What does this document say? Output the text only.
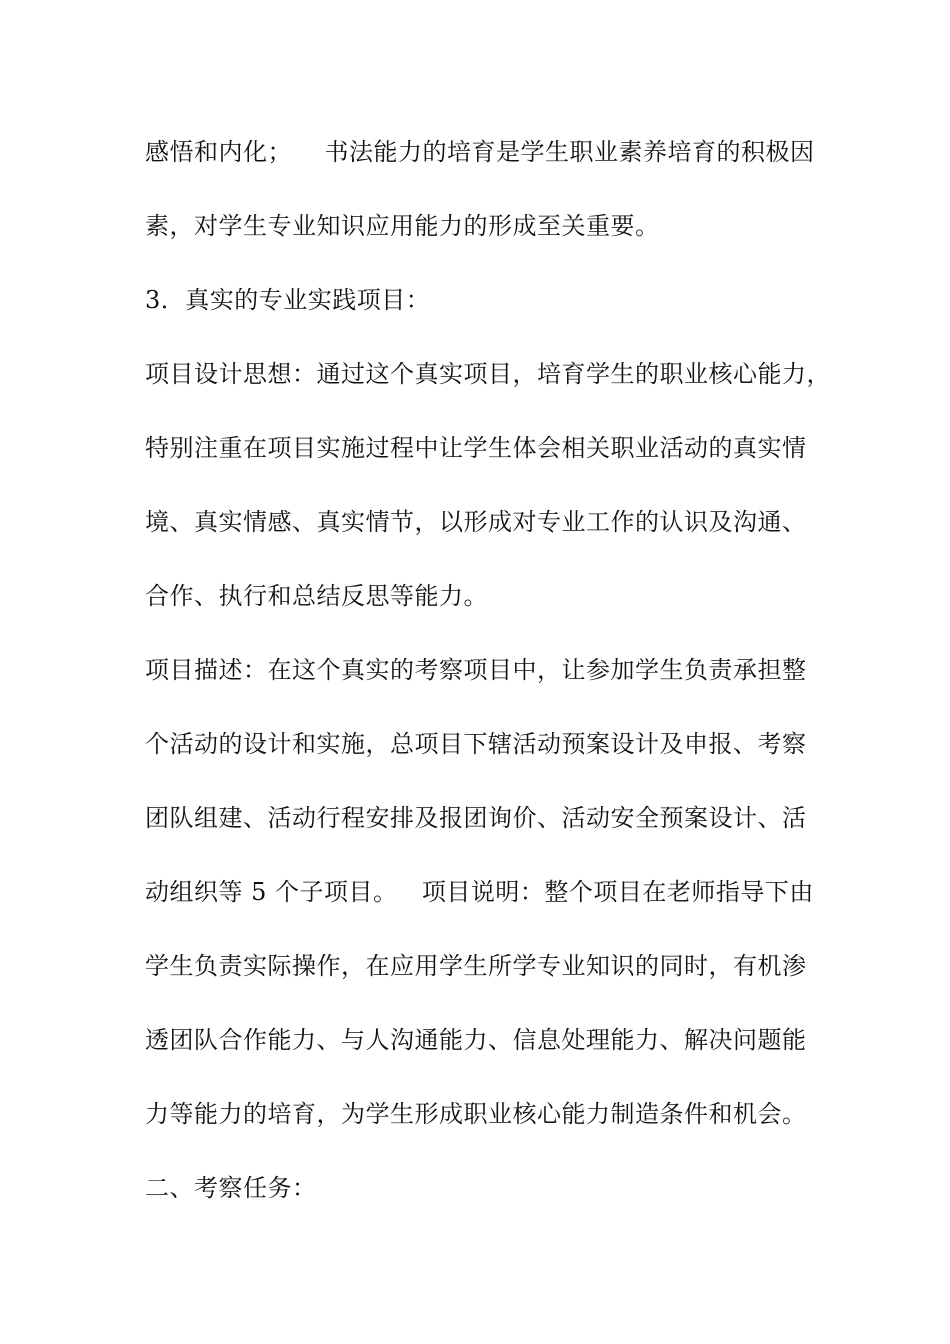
感悟和内化；    书法能力的培育是学生职业素养培育的积极因
素，对学生专业知识应用能力的形成至关重要。
3．真实的专业实践项目：
项目设计思想：通过这个真实项目，培育学生的职业核心能力，
特别注重在项目实施过程中让学生体会相关职业活动的真实情
境、真实情感、真实情节，以形成对专业工作的认识及沟通、
合作、执行和总结反思等能力。
项目描述：在这个真实的考察项目中，让参加学生负责承担整
个活动的设计和实施，总项目下辖活动预案设计及申报、考察
团队组建、活动行程安排及报团询价、活动安全预案设计、活
动组织等 5 个子项目。   项目说明：整个项目在老师指导下由
学生负责实际操作，在应用学生所学专业知识的同时，有机渗
透团队合作能力、与人沟通能力、信息处理能力、解决问题能
力等能力的培育，为学生形成职业核心能力制造条件和机会。
二、考察任务：
